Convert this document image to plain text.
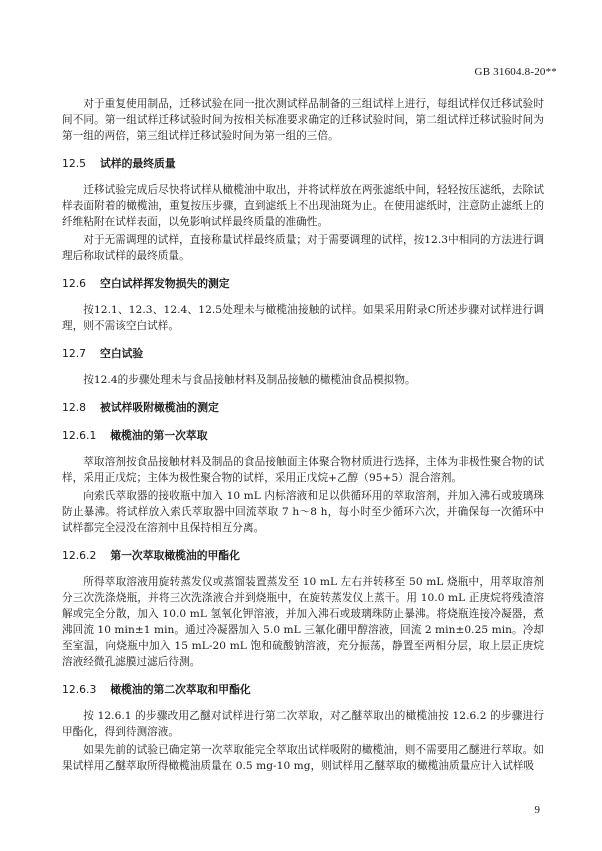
GB 31604.8-20**

对于重复使用制品，迁移试验在同一批次测试样品制备的三组试样上进行，每组试样仅迁移试验时间不同。第一组试样迁移试验时间为按相关标准要求确定的迁移试验时间，第二组试样迁移试验时间为第一组的两倍，第三组试样迁移试验时间为第一组的三倍。

12.5 试样的最终质量

迁移试验完成后尽快将试样从橄榄油中取出，并将试样放在两张滤纸中间，轻轻按压滤纸，去除试样表面附着的橄榄油，重复按压步骤，直到滤纸上不出现油斑为止。在使用滤纸时，注意防止滤纸上的纤维粘附在试样表面，以免影响试样最终质量的准确性。

对于无需调理的试样，直接称量试样最终质量；对于需要调理的试样，按12.3中相同的方法进行调理后称取试样的最终质量。

12.6 空白试样挥发物损失的测定

按12.1、12.3、12.4、12.5处理未与橄榄油接触的试样。如果采用附录C所述步骤对试样进行调理，则不需该空白试样。

12.7 空白试验

按12.4的步骤处理未与食品接触材料及制品接触的橄榄油食品模拟物。

12.8 被试样吸附橄榄油的测定
12.6.1 橄榄油的第一次萃取

萃取溶剂按食品接触材料及制品的食品接触面主体聚合物材质进行选择，主体为非极性聚合物的试样，采用正戊烷；主体为极性聚合物的试样，采用正戊烷+乙醇（95+5）混合溶剂。

向索氏萃取器的接收瓶中加入 10 mL 内标溶液和足以供循环用的萃取溶剂，并加入沸石或玻璃珠防止暴沸。将试样放入索氏萃取器中回流萃取 7 h～8 h，每小时至少循环六次，并确保每一次循环中试样都完全浸没在溶剂中且保持相互分离。

12.6.2 第一次萃取橄榄油的甲酯化

所得萃取溶液用旋转蒸发仪或蒸馏装置蒸发至 10 mL 左右并转移至 50 mL 烧瓶中，用萃取溶剂分三次洗涤烧瓶，并将三次洗涤液合并到烧瓶中，在旋转蒸发仪上蒸干。用 10.0 mL 正庚烷将残渣溶解或完全分散，加入 10.0 mL 氢氧化钾溶液，并加入沸石或玻璃珠防止暴沸。将烧瓶连接冷凝器，煮沸回流 10 min±1 min。通过冷凝器加入 5.0 mL 三氟化硼甲醇溶液，回流 2 min±0.25 min。冷却至室温，向烧瓶中加入 15 mL-20 mL 饱和硫酸钠溶液，充分振荡，静置至两相分层，取上层正庚烷溶液经微孔滤膜过滤后待测。

12.6.3 橄榄油的第二次萃取和甲酯化

按 12.6.1 的步骤改用乙醚对试样进行第二次萃取，对乙醚萃取出的橄榄油按 12.6.2 的步骤进行甲酯化，得到待测溶液。

如果先前的试验已确定第一次萃取能完全萃取出试样吸附的橄榄油，则不需要用乙醚进行萃取。如果试样用乙醚萃取所得橄榄油质量在 0.5 mg-10 mg，则试样用乙醚萃取的橄榄油质量应计入试样吸

9
